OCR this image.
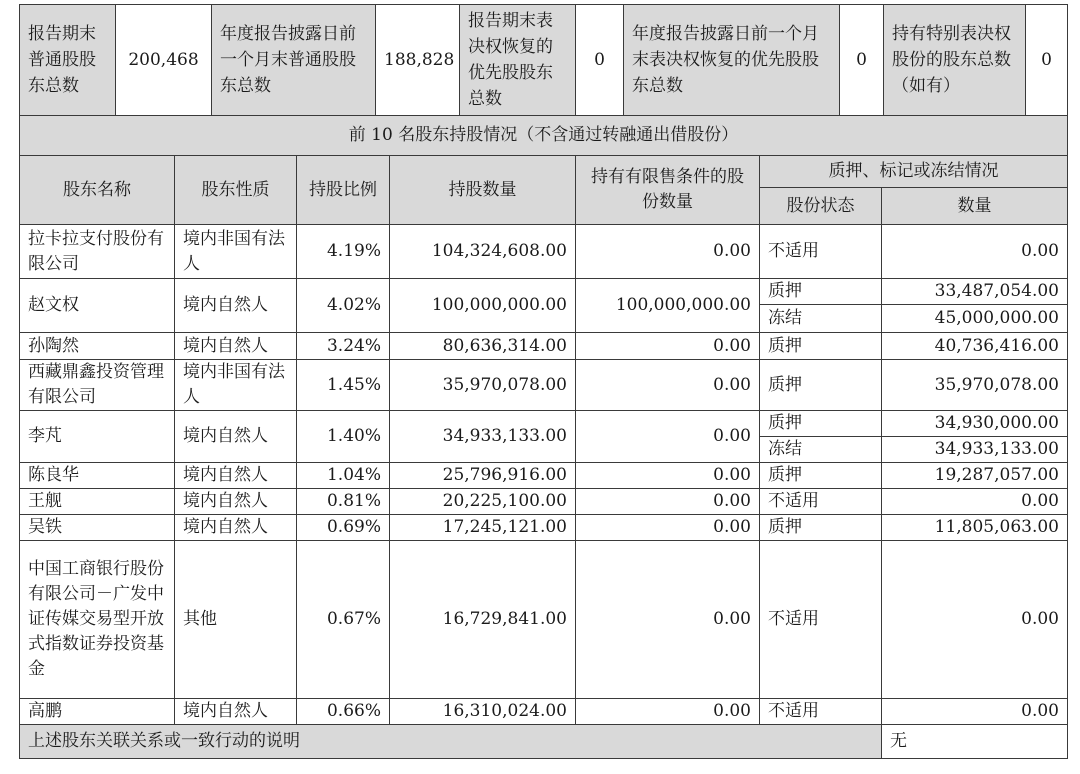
报告期末普通股股东总数	200,468	年度报告披露日前一个月末普通股股东总数	188,828	报告期末表决权恢复的优先股股东总数	0	年度报告披露日前一个月末表决权恢复的优先股股东总数	0	持有特别表决权股份的股东总数（如有）	0
前 10 名股东持股情况（不含通过转融通出借股份）
股东名称	股东性质	持股比例	持股数量	持有有限售条件的股份数量	质押、标记或冻结情况	
					股份状态	数量
拉卡拉支付股份有限公司	境内非国有法人	4.19%	104,324,608.00	0.00	不适用	0.00
赵文权	境内自然人	4.02%	100,000,000.00	100,000,000.00	质押	33,487,054.00
					冻结	45,000,000.00
孙陶然	境内自然人	3.24%	80,636,314.00	0.00	质押	40,736,416.00
西藏鼎鑫投资管理有限公司	境内非国有法人	1.45%	35,970,078.00	0.00	质押	35,970,078.00
李芃	境内自然人	1.40%	34,933,133.00	0.00	质押	34,930,000.00
					冻结	34,933,133.00
陈良华	境内自然人	1.04%	25,796,916.00	0.00	质押	19,287,057.00
王舰	境内自然人	0.81%	20,225,100.00	0.00	不适用	0.00
吴铁	境内自然人	0.69%	17,245,121.00	0.00	质押	11,805,063.00
中国工商银行股份有限公司－广发中证传媒交易型开放式指数证券投资基金	其他	0.67%	16,729,841.00	0.00	不适用	0.00
高鹏	境内自然人	0.66%	16,310,024.00	0.00	不适用	0.00
上述股东关联关系或一致行动的说明						无
